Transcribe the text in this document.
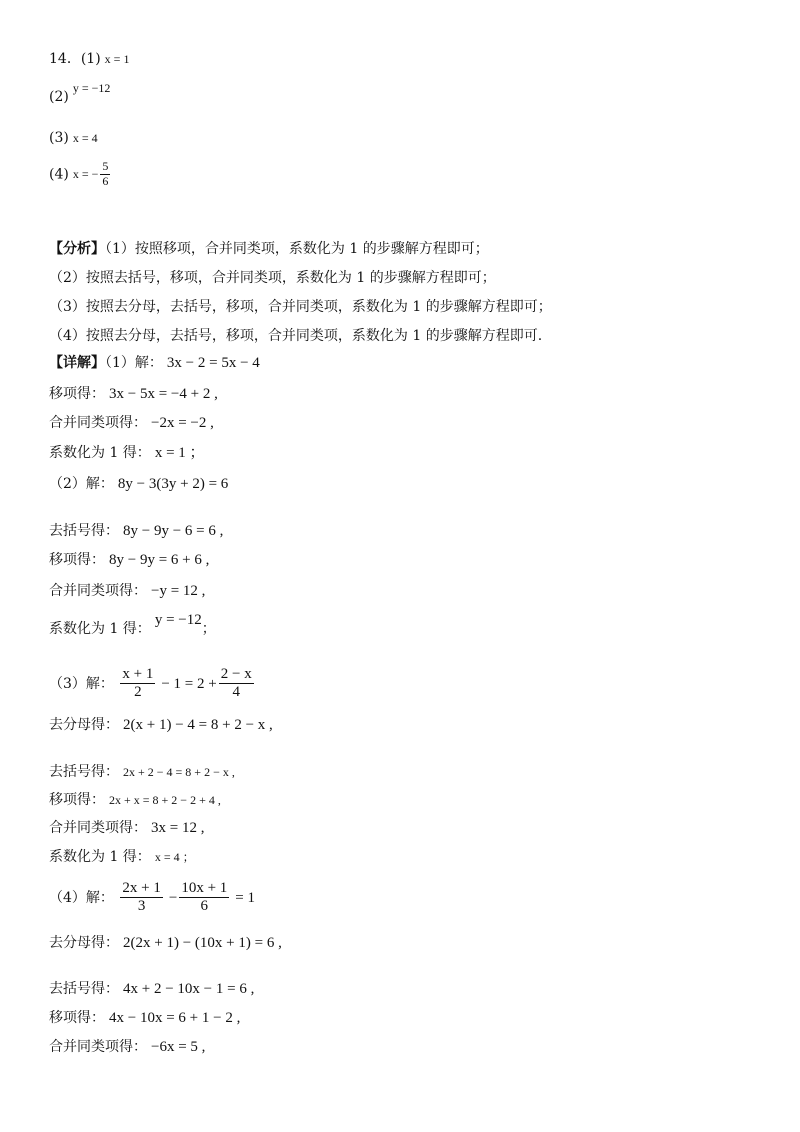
14．(1) x = 1
(2)y = −12
(3) x = 4
(4) x = − $\frac{5}{6}$
【分析】（1）按照移项，合并同类项，系数化为 1 的步骤解方程即可；
（2）按照去括号，移项，合并同类项，系数化为 1 的步骤解方程即可；
（3）按照去分母，去括号，移项，合并同类项，系数化为 1 的步骤解方程即可；
（4）按照去分母，去括号，移项，合并同类项，系数化为 1 的步骤解方程即可.
【详解】（1）解： 3x − 2 = 5x − 4
移项得： 3x − 5x = −4 + 2 ,
合并同类项得： −2x = −2 ,
系数化为 1 得： x = 1 ；
（2）解： 8y − 3(3y + 2) = 6
去括号得： 8y − 9y − 6 = 6 ,
移项得： 8y − 9y = 6 + 6 ,
合并同类项得： −y = 12 ,
系数化为 1 得：y = −12；
（3）解： $\frac{x + 1}{2} - 1 = 2 + \frac{2 - x}{4}$
去分母得： 2(x + 1) − 4 = 8 + 2 − x ,
去括号得： 2x + 2 − 4 = 8 + 2 − x ,
移项得： 2x + x = 8 + 2 − 2 + 4 ,
合并同类项得： 3x = 12 ,
系数化为 1 得： x = 4 ；
（4）解： $\frac{2x + 1}{3} - \frac{10x + 1}{6} = 1$
去分母得： 2(2x + 1) − (10x + 1) = 6 ,
去括号得： 4x + 2 − 10x − 1 = 6 ,
移项得： 4x − 10x = 6 + 1 − 2 ,
合并同类项得： −6x = 5 ,
